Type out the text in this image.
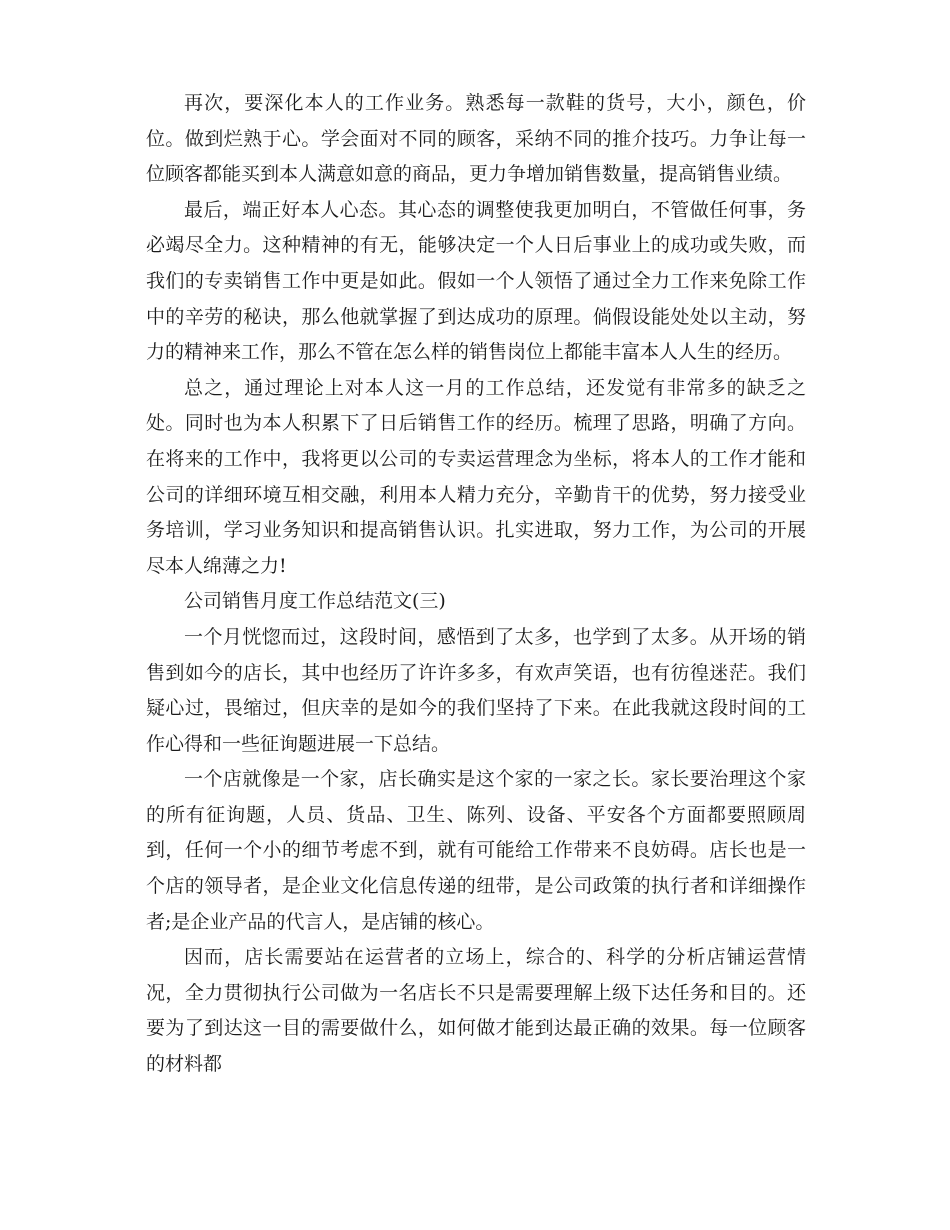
再次，要深化本人的工作业务。熟悉每一款鞋的货号，大小，颜色，价位。做到烂熟于心。学会面对不同的顾客，采纳不同的推介技巧。力争让每一位顾客都能买到本人满意如意的商品，更力争增加销售数量，提高销售业绩。

最后，端正好本人心态。其心态的调整使我更加明白，不管做任何事，务必竭尽全力。这种精神的有无，能够决定一个人日后事业上的成功或失败，而我们的专卖销售工作中更是如此。假如一个人领悟了通过全力工作来免除工作中的辛劳的秘诀，那么他就掌握了到达成功的原理。倘假设能处处以主动，努力的精神来工作，那么不管在怎么样的销售岗位上都能丰富本人人生的经历。

总之，通过理论上对本人这一月的工作总结，还发觉有非常多的缺乏之处。同时也为本人积累下了日后销售工作的经历。梳理了思路，明确了方向。在将来的工作中，我将更以公司的专卖运营理念为坐标，将本人的工作才能和公司的详细环境互相交融，利用本人精力充分，辛勤肯干的优势，努力接受业务培训，学习业务知识和提高销售认识。扎实进取，努力工作，为公司的开展尽本人绵薄之力!

公司销售月度工作总结范文(三)

一个月恍惚而过，这段时间，感悟到了太多，也学到了太多。从开场的销售到如今的店长，其中也经历了许许多多，有欢声笑语，也有彷徨迷茫。我们疑心过，畏缩过，但庆幸的是如今的我们坚持了下来。在此我就这段时间的工作心得和一些征询题进展一下总结。

一个店就像是一个家，店长确实是这个家的一家之长。家长要治理这个家的所有征询题，人员、货品、卫生、陈列、设备、平安各个方面都要照顾周到，任何一个小的细节考虑不到，就有可能给工作带来不良妨碍。店长也是一个店的领导者，是企业文化信息传递的纽带，是公司政策的执行者和详细操作者;是企业产品的代言人，是店铺的核心。

因而，店长需要站在运营者的立场上，综合的、科学的分析店铺运营情况，全力贯彻执行公司做为一名店长不只是需要理解上级下达任务和目的。还要为了到达这一目的需要做什么，如何做才能到达最正确的效果。每一位顾客的材料都
